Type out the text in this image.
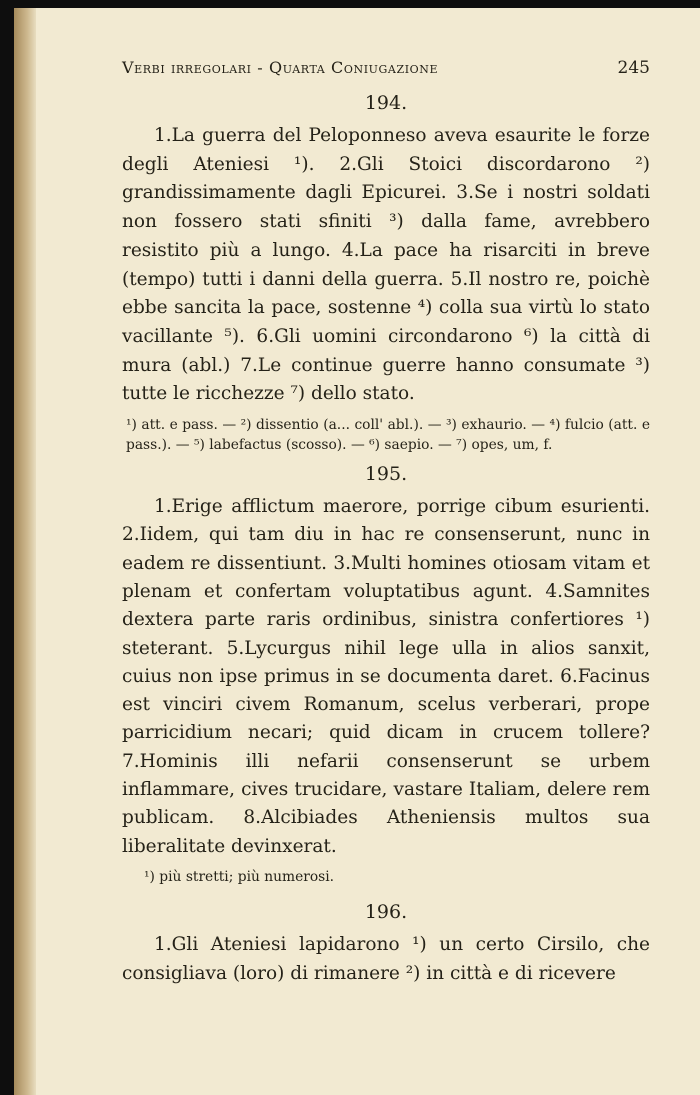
Verbi irregolari - Quarta Coniugazione	245
194.

1.La guerra del Peloponneso aveva esaurite le forze degli Ateniesi ¹). 2.Gli Stoici discordarono ²) grandissimamente dagli Epicurei. 3.Se i nostri soldati non fossero stati sfiniti ³) dalla fame, avrebbero resistito più a lungo. 4.La pace ha risarciti in breve (tempo) tutti i danni della guerra. 5.Il nostro re, poichè ebbe sancita la pace, sostenne ⁴) colla sua virtù lo stato vacillante ⁵). 6.Gli uomini circondarono ⁶) la città di mura (abl.) 7.Le continue guerre hanno consumate ³) tutte le ricchezze ⁷) dello stato.

¹) att. e pass. — ²) dissentio (a... coll' abl.). — ³) exhaurio. — ⁴) fulcio (att. e pass.). — ⁵) labefactus (scosso). — ⁶) saepio. — ⁷) opes, um, f.

195.

1.Erige afflictum maerore, porrige cibum esurienti. 2.Iidem, qui tam diu in hac re consenserunt, nunc in eadem re dissentiunt. 3.Multi homines otiosam vitam et plenam et confertam voluptatibus agunt. 4.Samnites dextera parte raris ordinibus, sinistra confertiores ¹) steterant. 5.Lycurgus nihil lege ulla in alios sanxit, cuius non ipse primus in se documenta daret. 6.Facinus est vinciri civem Romanum, scelus verberari, prope parricidium necari; quid dicam in crucem tollere? 7.Hominis illi nefarii consenserunt se urbem inflammare, cives trucidare, vastare Italiam, delere rem publicam. 8.Alcibiades Atheniensis multos sua liberalitate devinxerat.

¹) più stretti; più numerosi.

196.

1.Gli Ateniesi lapidarono ¹) un certo Cirsilo, che consigliava (loro) di rimanere ²) in città e di ricevere
